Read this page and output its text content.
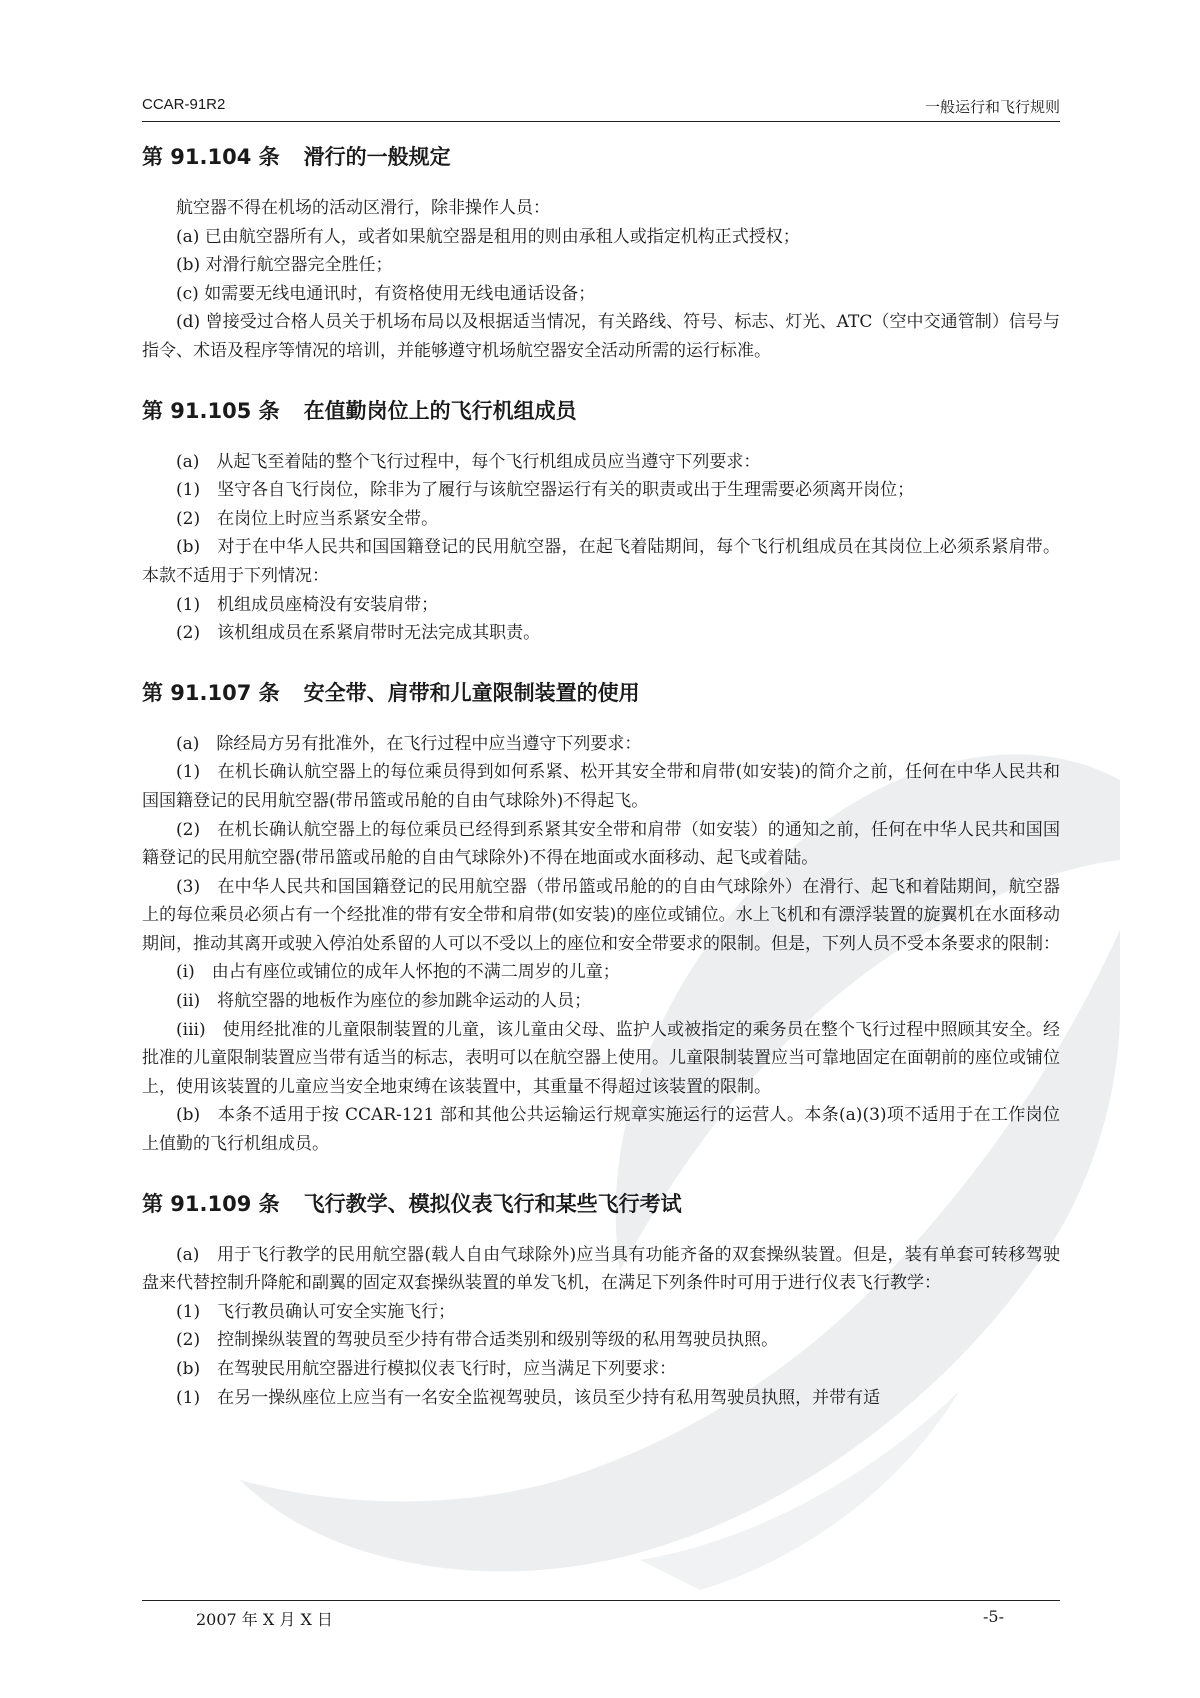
CCAR-91R2	一般运行和飞行规则
第 91.104 条 滑行的一般规定

航空器不得在机场的活动区滑行，除非操作人员：

(a) 已由航空器所有人，或者如果航空器是租用的则由承租人或指定机构正式授权；

(b) 对滑行航空器完全胜任；

(c) 如需要无线电通讯时，有资格使用无线电通话设备；

(d) 曾接受过合格人员关于机场布局以及根据适当情况，有关路线、符号、标志、灯光、ATC（空中交通管制）信号与指令、术语及程序等情况的培训，并能够遵守机场航空器安全活动所需的运行标准。

第 91.105 条 在值勤岗位上的飞行机组成员

(a)　从起飞至着陆的整个飞行过程中，每个飞行机组成员应当遵守下列要求：

(1)　坚守各自飞行岗位，除非为了履行与该航空器运行有关的职责或出于生理需要必须离开岗位；

(2)　在岗位上时应当系紧安全带。

(b)　对于在中华人民共和国国籍登记的民用航空器，在起飞着陆期间，每个飞行机组成员在其岗位上必须系紧肩带。本款不适用于下列情况：

(1)　机组成员座椅没有安装肩带；

(2)　该机组成员在系紧肩带时无法完成其职责。

第 91.107 条 安全带、肩带和儿童限制装置的使用

(a)　除经局方另有批准外，在飞行过程中应当遵守下列要求：

(1)　在机长确认航空器上的每位乘员得到如何系紧、松开其安全带和肩带(如安装)的简介之前，任何在中华人民共和国国籍登记的民用航空器(带吊篮或吊舱的自由气球除外)不得起飞。

(2)　在机长确认航空器上的每位乘员已经得到系紧其安全带和肩带（如安装）的通知之前，任何在中华人民共和国国籍登记的民用航空器(带吊篮或吊舱的自由气球除外)不得在地面或水面移动、起飞或着陆。

(3)　在中华人民共和国国籍登记的民用航空器（带吊篮或吊舱的的自由气球除外）在滑行、起飞和着陆期间，航空器上的每位乘员必须占有一个经批准的带有安全带和肩带(如安装)的座位或铺位。水上飞机和有漂浮装置的旋翼机在水面移动期间，推动其离开或驶入停泊处系留的人可以不受以上的座位和安全带要求的限制。但是，下列人员不受本条要求的限制：

(i)　由占有座位或铺位的成年人怀抱的不满二周岁的儿童；

(ii)　将航空器的地板作为座位的参加跳伞运动的人员；

(iii)　使用经批准的儿童限制装置的儿童，该儿童由父母、监护人或被指定的乘务员在整个飞行过程中照顾其安全。经批准的儿童限制装置应当带有适当的标志，表明可以在航空器上使用。儿童限制装置应当可靠地固定在面朝前的座位或铺位上，使用该装置的儿童应当安全地束缚在该装置中，其重量不得超过该装置的限制。

(b)　本条不适用于按 CCAR-121 部和其他公共运输运行规章实施运行的运营人。本条(a)(3)项不适用于在工作岗位上值勤的飞行机组成员。

第 91.109 条 飞行教学、模拟仪表飞行和某些飞行考试

(a)　用于飞行教学的民用航空器(载人自由气球除外)应当具有功能齐备的双套操纵装置。但是，装有单套可转移驾驶盘来代替控制升降舵和副翼的固定双套操纵装置的单发飞机，在满足下列条件时可用于进行仪表飞行教学：

(1)　飞行教员确认可安全实施飞行；

(2)　控制操纵装置的驾驶员至少持有带合适类别和级别等级的私用驾驶员执照。

(b)　在驾驶民用航空器进行模拟仪表飞行时，应当满足下列要求：

(1)　在另一操纵座位上应当有一名安全监视驾驶员，该员至少持有私用驾驶员执照，并带有适

2007 年 X 月 X 日	-5-
